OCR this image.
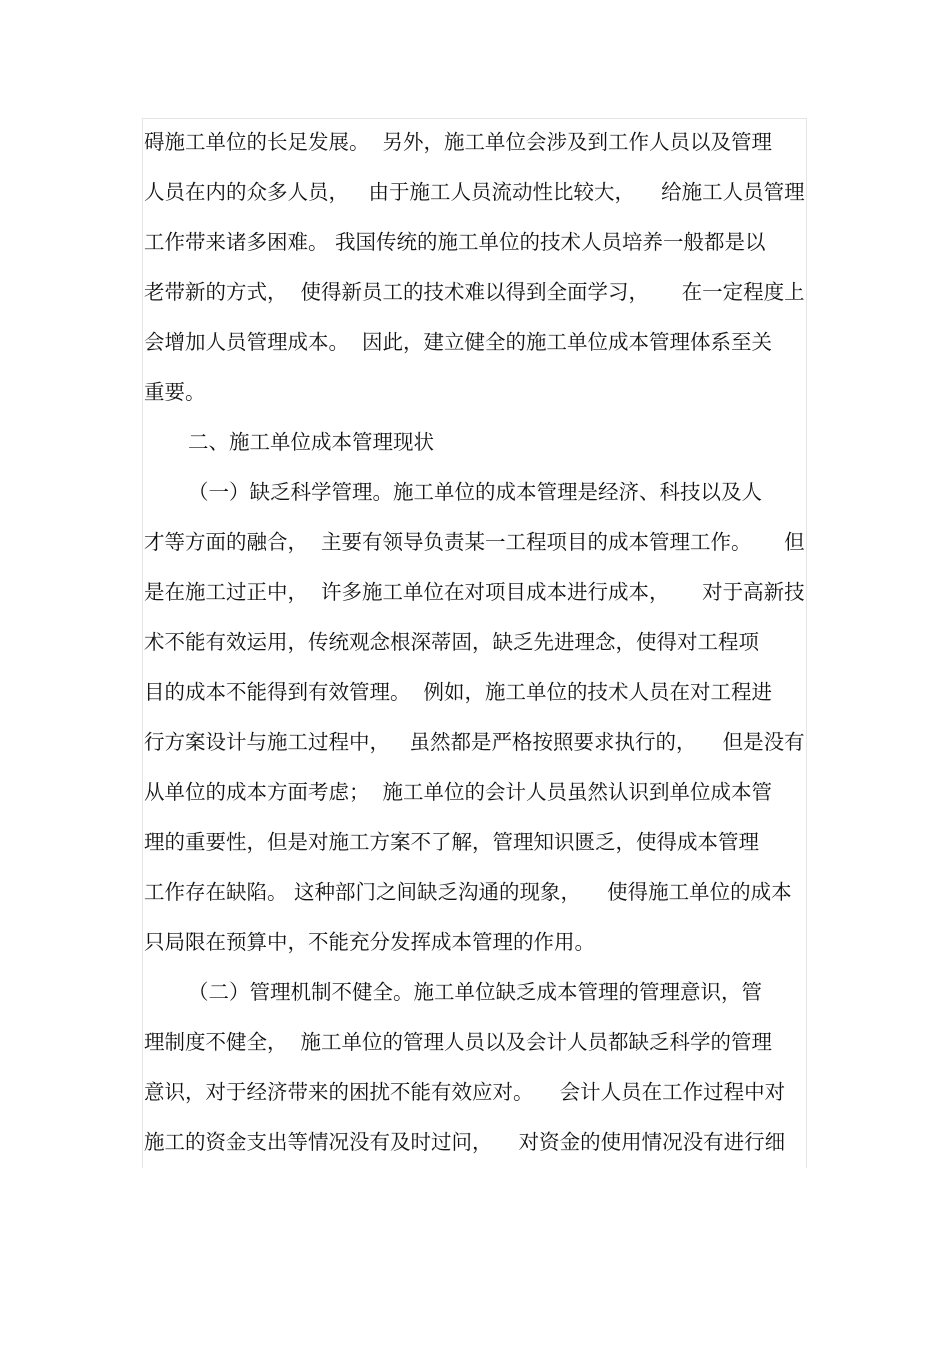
碍施工单位的长足发展。  另外，施工单位会涉及到工作人员以及管理
人员在内的众多人员，   由于施工人员流动性比较大，    给施工人员管理
工作带来诸多困难。 我国传统的施工单位的技术人员培养一般都是以
老带新的方式，  使得新员工的技术难以得到全面学习，     在一定程度上
会增加人员管理成本。  因此，建立健全的施工单位成本管理体系至关
重要。
二、施工单位成本管理现状
（一）缺乏科学管理。施工单位的成本管理是经济、科技以及人
才等方面的融合，  主要有领导负责某一工程项目的成本管理工作。     但
是在施工过正中，  许多施工单位在对项目成本进行成本，     对于高新技
术不能有效运用，传统观念根深蒂固，缺乏先进理念，使得对工程项
目的成本不能得到有效管理。  例如，施工单位的技术人员在对工程进
行方案设计与施工过程中，   虽然都是严格按照要求执行的，    但是没有
从单位的成本方面考虑；  施工单位的会计人员虽然认识到单位成本管
理的重要性，但是对施工方案不了解，管理知识匮乏，使得成本管理
工作存在缺陷。 这种部门之间缺乏沟通的现象，    使得施工单位的成本
只局限在预算中，不能充分发挥成本管理的作用。
（二）管理机制不健全。施工单位缺乏成本管理的管理意识，管
理制度不健全，  施工单位的管理人员以及会计人员都缺乏科学的管理
意识，对于经济带来的困扰不能有效应对。    会计人员在工作过程中对
施工的资金支出等情况没有及时过问，    对资金的使用情况没有进行细
